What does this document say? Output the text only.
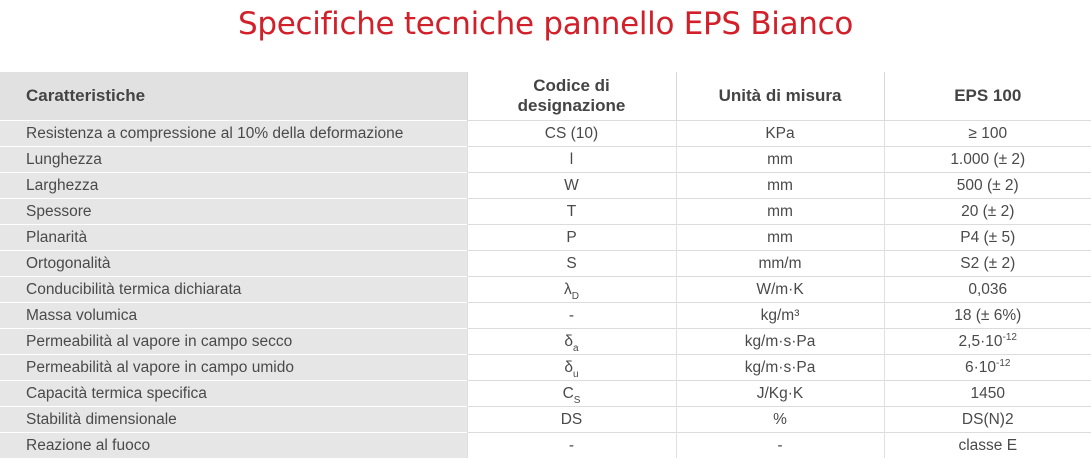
Specifiche tecniche pannello EPS Bianco
Caratteristiche	Codice di designazione	Unità di misura	EPS 100
Resistenza a compressione al 10% della deformazione	CS (10)	KPa	≥ 100
Lunghezza	l	mm	1.000 (± 2)
Larghezza	W	mm	500 (± 2)
Spessore	T	mm	20 (± 2)
Planarità	P	mm	P4 (± 5)
Ortogonalità	S	mm/m	S2 (± 2)
Conducibilità termica dichiarata	$\lambda_D$	W/m·K	0,036
Massa volumica	-	kg/m³	18 (± 6%)
Permeabilità al vapore in campo secco	$\delta_a$	kg/m·s·Pa	$2,5\cdot 10^{-12}$
Permeabilità al vapore in campo umido	$\delta_u$	kg/m·s·Pa	$6\cdot 10^{-12}$
Capacità termica specifica	$C_S$	J/Kg·K	1450
Stabilità dimensionale	DS	%	DS(N)2
Reazione al fuoco	-	-	classe E
